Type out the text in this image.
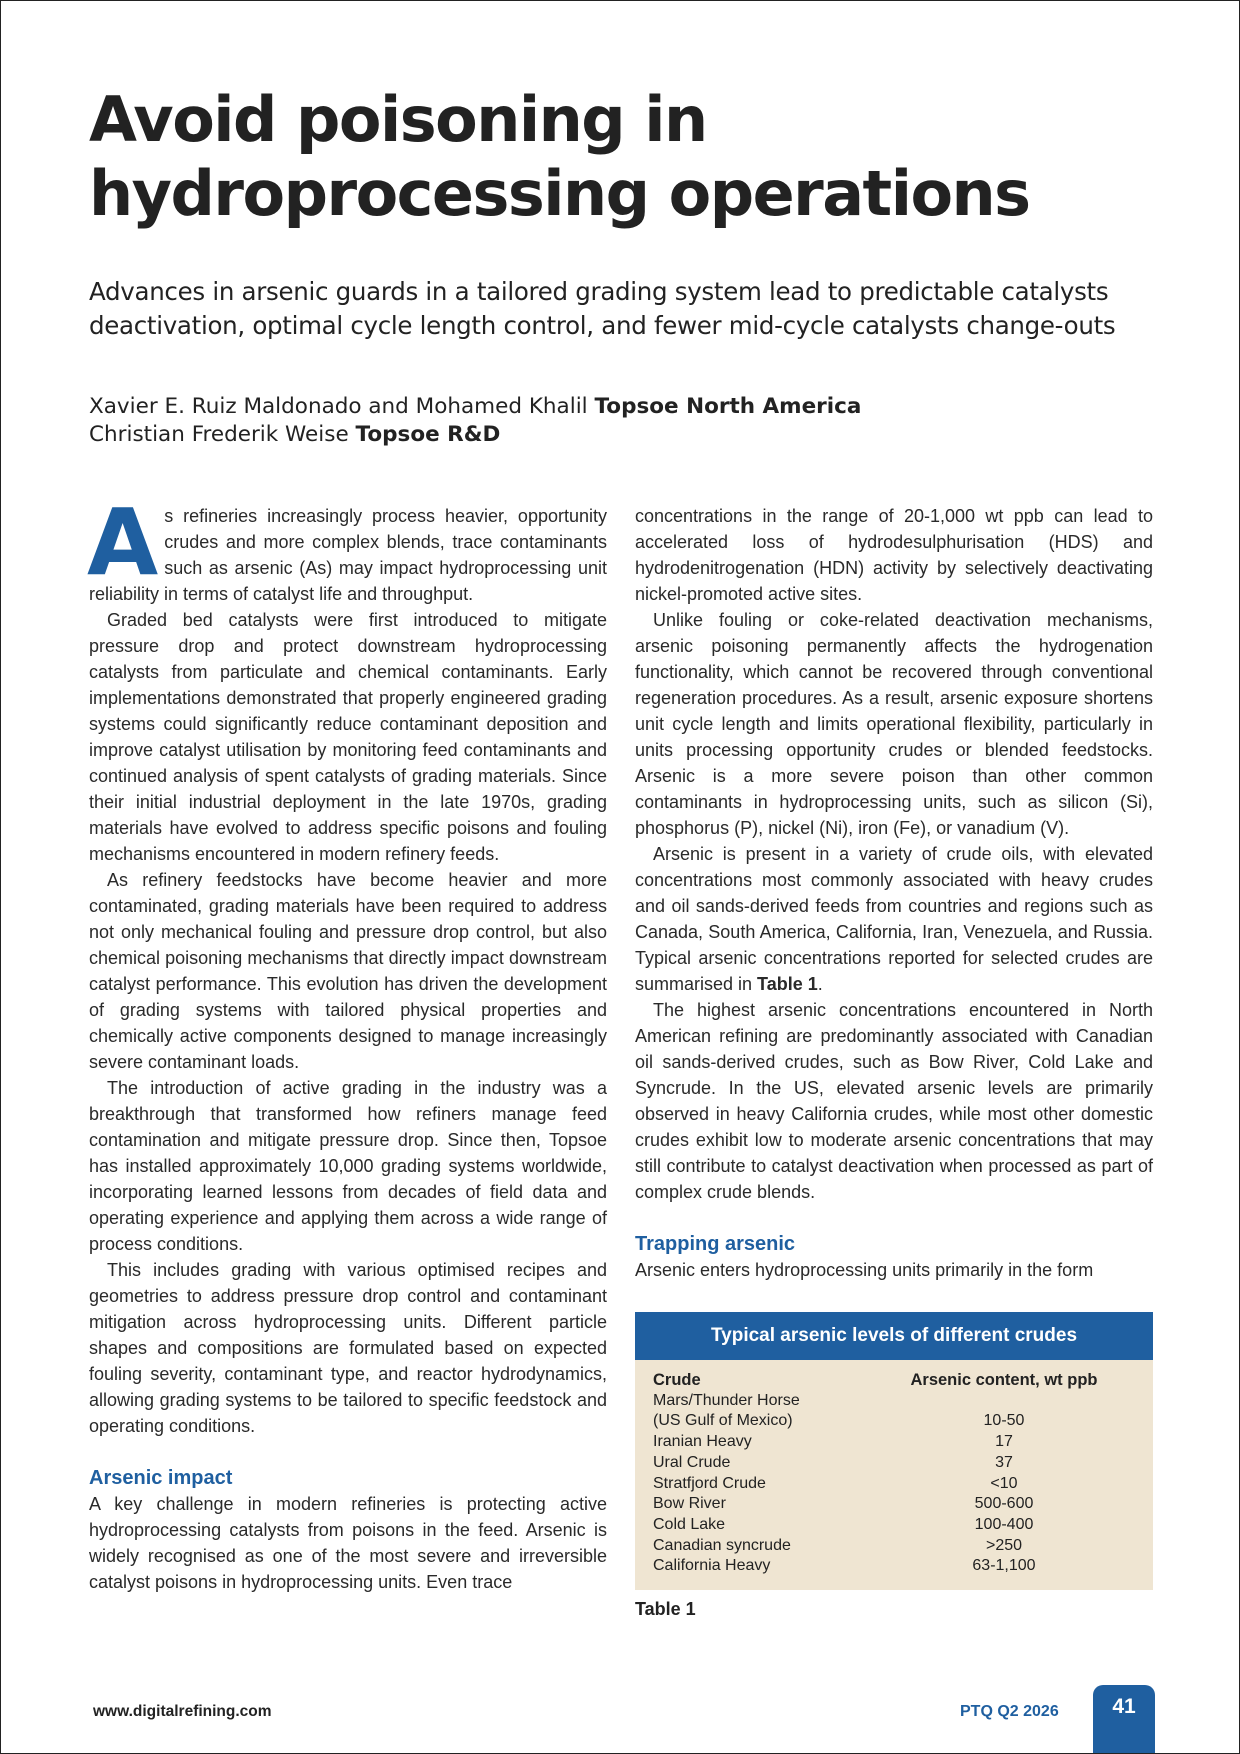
Avoid poisoning in hydroprocessing operations
Advances in arsenic guards in a tailored grading system lead to predictable catalysts deactivation, optimal cycle length control, and fewer mid-cycle catalysts change-outs
Xavier E. Ruiz Maldonado and Mohamed Khalil Topsoe North America
Christian Frederik Weise Topsoe R&D

As refineries increasingly process heavier, opportunity crudes and more complex blends, trace contaminants such as arsenic (As) may impact hydroprocessing unit reliability in terms of catalyst life and throughput.

Graded bed catalysts were first introduced to mitigate pressure drop and protect downstream hydroprocessing catalysts from particulate and chemical contaminants. Early implementations demonstrated that properly engineered grading systems could significantly reduce contaminant deposition and improve catalyst utilisation by monitoring feed contaminants and continued analysis of spent catalysts of grading materials. Since their initial industrial deployment in the late 1970s, grading materials have evolved to address specific poisons and fouling mechanisms encountered in modern refinery feeds.

As refinery feedstocks have become heavier and more contaminated, grading materials have been required to address not only mechanical fouling and pressure drop control, but also chemical poisoning mechanisms that directly impact downstream catalyst performance. This evolution has driven the development of grading systems with tailored physical properties and chemically active components designed to manage increasingly severe contaminant loads.

The introduction of active grading in the industry was a breakthrough that transformed how refiners manage feed contamination and mitigate pressure drop. Since then, Topsoe has installed approximately 10,000 grading systems worldwide, incorporating learned lessons from decades of field data and operating experience and applying them across a wide range of process conditions.

This includes grading with various optimised recipes and geometries to address pressure drop control and contaminant mitigation across hydroprocessing units. Different particle shapes and compositions are formulated based on expected fouling severity, contaminant type, and reactor hydrodynamics, allowing grading systems to be tailored to specific feedstock and operating conditions.

Arsenic impact

A key challenge in modern refineries is protecting active hydroprocessing catalysts from poisons in the feed. Arsenic is widely recognised as one of the most severe and irreversible catalyst poisons in hydroprocessing units. Even trace

concentrations in the range of 20-1,000 wt ppb can lead to accelerated loss of hydrodesulphurisation (HDS) and hydrodenitrogenation (HDN) activity by selectively deactivating nickel-promoted active sites.

Unlike fouling or coke-related deactivation mechanisms, arsenic poisoning permanently affects the hydrogenation functionality, which cannot be recovered through conventional regeneration procedures. As a result, arsenic exposure shortens unit cycle length and limits operational flexibility, particularly in units processing opportunity crudes or blended feedstocks. Arsenic is a more severe poison than other common contaminants in hydroprocessing units, such as silicon (Si), phosphorus (P), nickel (Ni), iron (Fe), or vanadium (V).

Arsenic is present in a variety of crude oils, with elevated concentrations most commonly associated with heavy crudes and oil sands-derived feeds from countries and regions such as Canada, South America, California, Iran, Venezuela, and Russia. Typical arsenic concentrations reported for selected crudes are summarised in Table 1.

The highest arsenic concentrations encountered in North American refining are predominantly associated with Canadian oil sands-derived crudes, such as Bow River, Cold Lake and Syncrude. In the US, elevated arsenic levels are primarily observed in heavy California crudes, while most other domestic crudes exhibit low to moderate arsenic concentrations that may still contribute to catalyst deactivation when processed as part of complex crude blends.

Trapping arsenic

Arsenic enters hydroprocessing units primarily in the form

Typical arsenic levels of different crudes
Crude	Arsenic content, wt ppb
Mars/Thunder Horse
(US Gulf of Mexico)	10-50
Iranian Heavy	17
Ural Crude	37
Stratfjord Crude	<10
Bow River	500-600
Cold Lake	100-400
Canadian syncrude	>250
California Heavy	63-1,100
Table 1
www.digitalrefining.com	PTQ Q2 2026	41
